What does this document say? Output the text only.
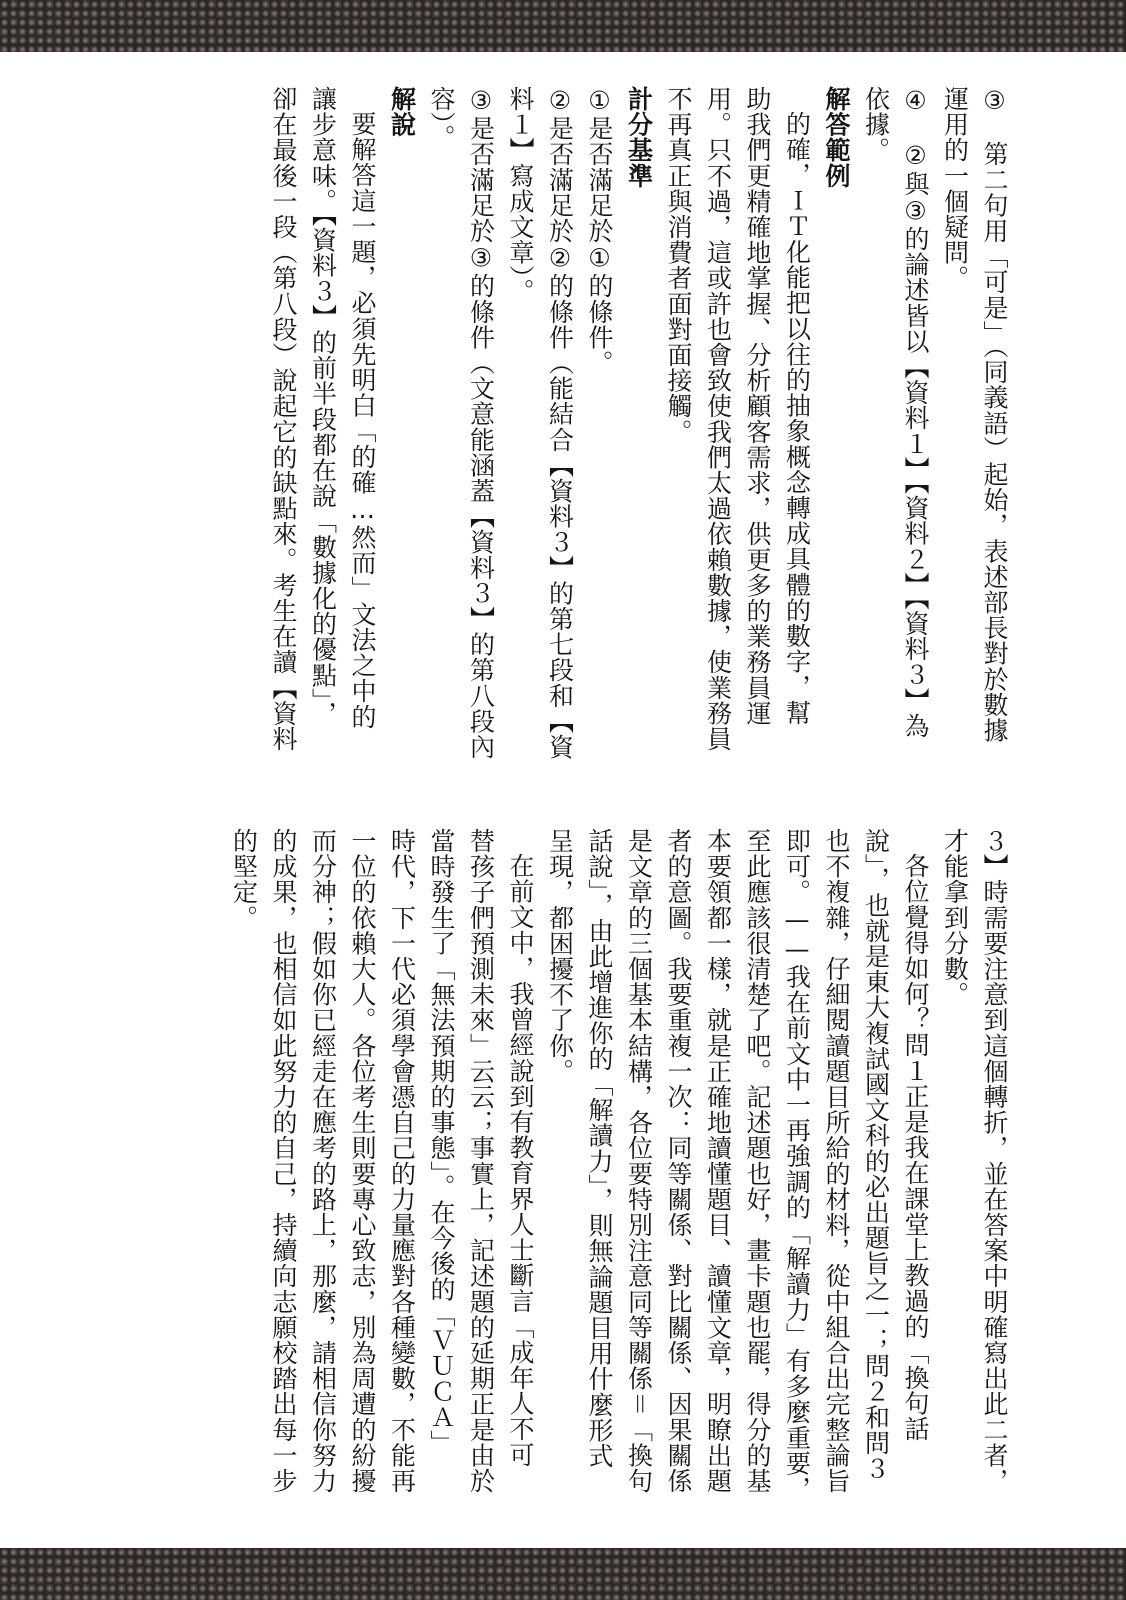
③　第二句用「可是」（同義語）起始，表述部長對於數據
運用的一個疑問。
④　②與③的論述皆以【資料１】【資料２】【資料３】為
依據。
解答範例
的確，ＩＴ化能把以往的抽象概念轉成具體的數字，幫
助我們更精確地掌握、分析顧客需求，供更多的業務員運
用。只不過，這或許也會致使我們太過依賴數據，使業務員
不再真正與消費者面對面接觸。
計分基準
①是否滿足於①的條件。
②是否滿足於②的條件（能結合【資料３】的第七段和【資
料１】寫成文章）。
③是否滿足於③的條件（文意能涵蓋【資料３】的第八段內
容）。
解說
要解答這一題，必須先明白「的確…然而」文法之中的
讓步意味。【資料３】的前半段都在說「數據化的優點」，
卻在最後一段（第八段）說起它的缺點來。考生在讀【資料
３】時需要注意到這個轉折，並在答案中明確寫出此二者，
才能拿到分數。
各位覺得如何？問１正是我在課堂上教過的「換句話
說」，也就是東大複試國文科的必出題旨之一；問２和問３
也不複雜，仔細閱讀題目所給的材料，從中組合出完整論旨
即可。——我在前文中一再強調的「解讀力」有多麼重要，
至此應該很清楚了吧。記述題也好，畫卡題也罷，得分的基
本要領都一樣，就是正確地讀懂題目、讀懂文章，明瞭出題
者的意圖。我要重複一次：同等關係、對比關係、因果關係
是文章的三個基本結構，各位要特別注意同等關係＝「換句
話說」，由此增進你的「解讀力」，則無論題目用什麼形式
呈現，都困擾不了你。
在前文中，我曾經說到有教育界人士斷言「成年人不可
替孩子們預測未來」云云；事實上，記述題的延期正是由於
當時發生了「無法預期的事態」。在今後的「ＶＵＣＡ」
時代，下一代必須學會憑自己的力量應對各種變數，不能再
一位的依賴大人。各位考生則要專心致志，別為周遭的紛擾
而分神；假如你已經走在應考的路上，那麼，請相信你努力
的成果，也相信如此努力的自己，持續向志願校踏出每一步
的堅定。
